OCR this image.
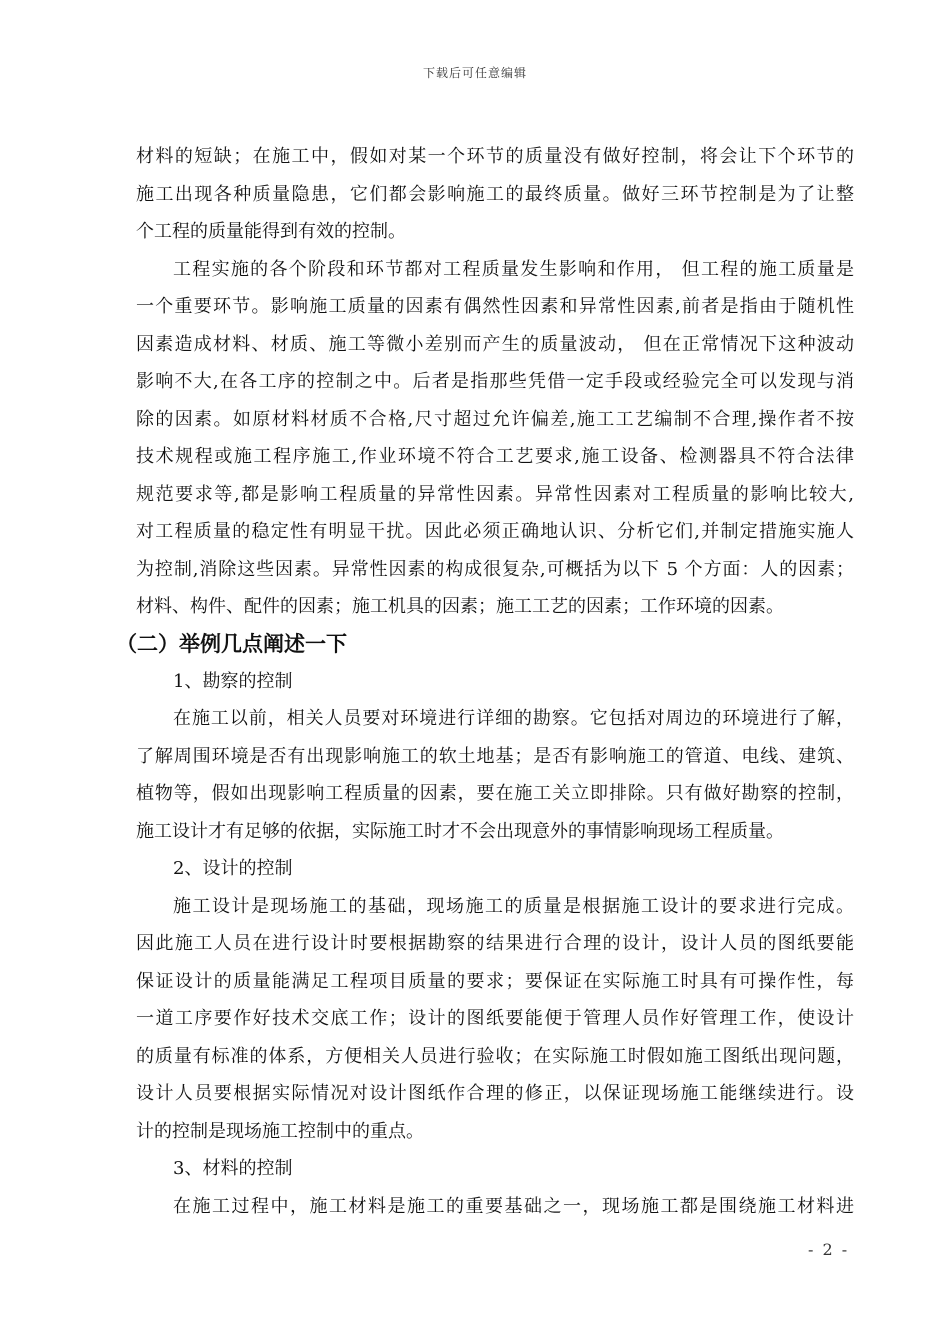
下载后可任意编辑
材料的短缺；在施工中，假如对某一个环节的质量没有做好控制，将会让下个环节的
施工出现各种质量隐患，它们都会影响施工的最终质量。做好三环节控制是为了让整
个工程的质量能得到有效的控制。
工程实施的各个阶段和环节都对工程质量发生影响和作用， 但工程的施工质量是
一个重要环节。影响施工质量的因素有偶然性因素和异常性因素,前者是指由于随机性
因素造成材料、材质、施工等微小差别而产生的质量波动， 但在正常情况下这种波动
影响不大,在各工序的控制之中。后者是指那些凭借一定手段或经验完全可以发现与消
除的因素。如原材料材质不合格,尺寸超过允许偏差,施工工艺编制不合理,操作者不按
技术规程或施工程序施工,作业环境不符合工艺要求,施工设备、检测器具不符合法律
规范要求等,都是影响工程质量的异常性因素。异常性因素对工程质量的影响比较大,
对工程质量的稳定性有明显干扰。因此必须正确地认识、分析它们,并制定措施实施人
为控制,消除这些因素。异常性因素的构成很复杂,可概括为以下 5 个方面：人的因素；
材料、构件、配件的因素；施工机具的因素；施工工艺的因素；工作环境的因素。
（二）举例几点阐述一下
1、勘察的控制
在施工以前，相关人员要对环境进行详细的勘察。它包括对周边的环境进行了解，
了解周围环境是否有出现影响施工的软土地基；是否有影响施工的管道、电线、建筑、
植物等，假如出现影响工程质量的因素，要在施工关立即排除。只有做好勘察的控制，
施工设计才有足够的依据，实际施工时才不会出现意外的事情影响现场工程质量。
2、设计的控制
施工设计是现场施工的基础，现场施工的质量是根据施工设计的要求进行完成。
因此施工人员在进行设计时要根据勘察的结果进行合理的设计，设计人员的图纸要能
保证设计的质量能满足工程项目质量的要求；要保证在实际施工时具有可操作性，每
一道工序要作好技术交底工作；设计的图纸要能便于管理人员作好管理工作，使设计
的质量有标准的体系，方便相关人员进行验收；在实际施工时假如施工图纸出现问题，
设计人员要根据实际情况对设计图纸作合理的修正，以保证现场施工能继续进行。设
计的控制是现场施工控制中的重点。
3、材料的控制
在施工过程中，施工材料是施工的重要基础之一，现场施工都是围绕施工材料进
- 2 -
